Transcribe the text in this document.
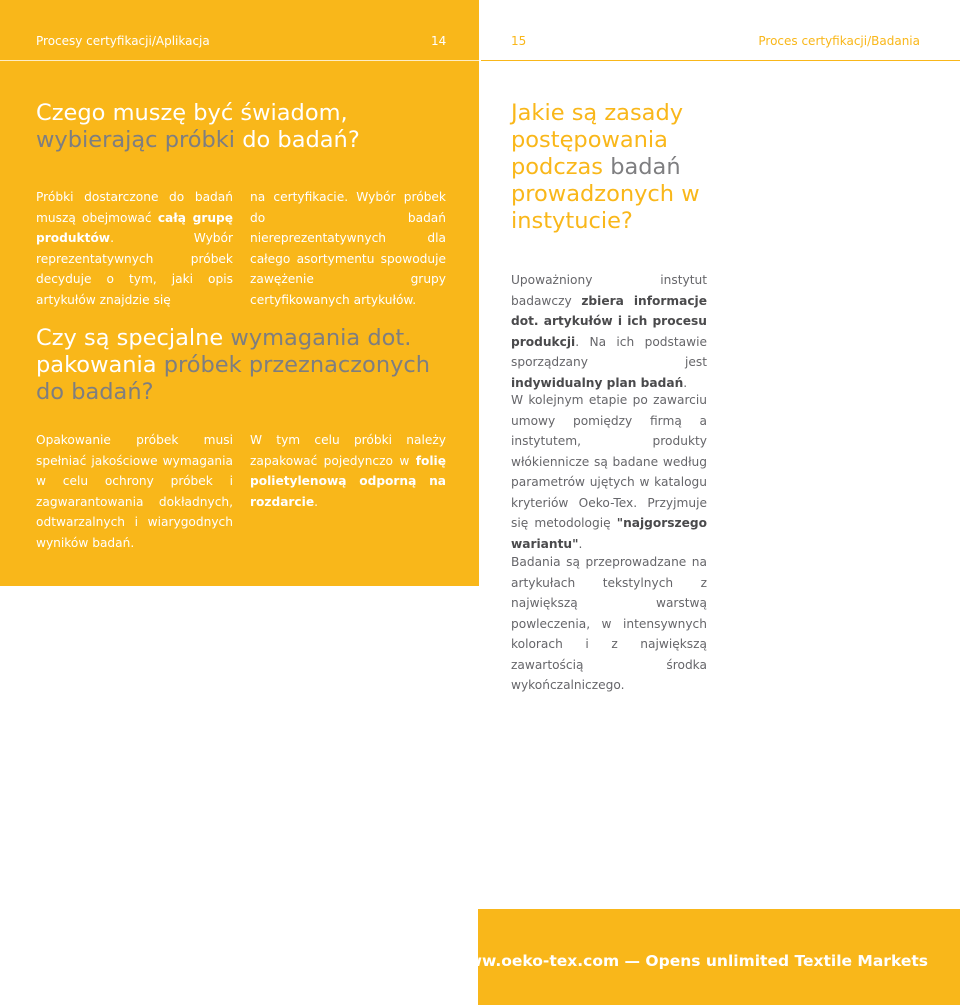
Procesy certyfikacji/Aplikacja	14	15	Proces certyfikacji/Badania
Czego muszę być świadom,
wybierając próbki do badań?

Próbki dostarczone do badań muszą obejmować całą grupę produktów. Wybór reprezentatywnych próbek decyduje o tym, jaki opis artykułów znajdzie się

na certyfikacie. Wybór próbek do badań niereprezentatywnych dla całego asortymentu spowoduje zawężenie grupy certyfikowanych artykułów.

Czy są specjalne wymagania dot.
pakowania próbek przeznaczonych
do badań?

Opakowanie próbek musi spełniać jakościowe wymagania w celu ochrony próbek i zagwarantowania dokładnych, odtwarzalnych i wiarygodnych wyników badań.

W tym celu próbki należy zapakować pojedynczo w folię polietylenową odporną na rozdarcie.

Jakie są zasady postępowania podczas badań prowadzonych w instytucie?

Upoważniony instytut badawczy zbiera informacje dot. artykułów i ich procesu produkcji. Na ich podstawie sporządzany jest indywidualny plan badań.

W kolejnym etapie po zawarciu umowy pomiędzy firmą a instytutem, produkty włókiennicze są badane według parametrów ujętych w katalogu kryteriów Oeko-Tex. Przyjmuje się metodologię "najgorszego wariantu".

Badania są przeprowadzane na artykułach tekstylnych z największą warstwą powleczenia, w intensywnych kolorach i z największą zawartością środka wykończalniczego.

www.oeko-tex.com — Opens unlimited Textile Markets
